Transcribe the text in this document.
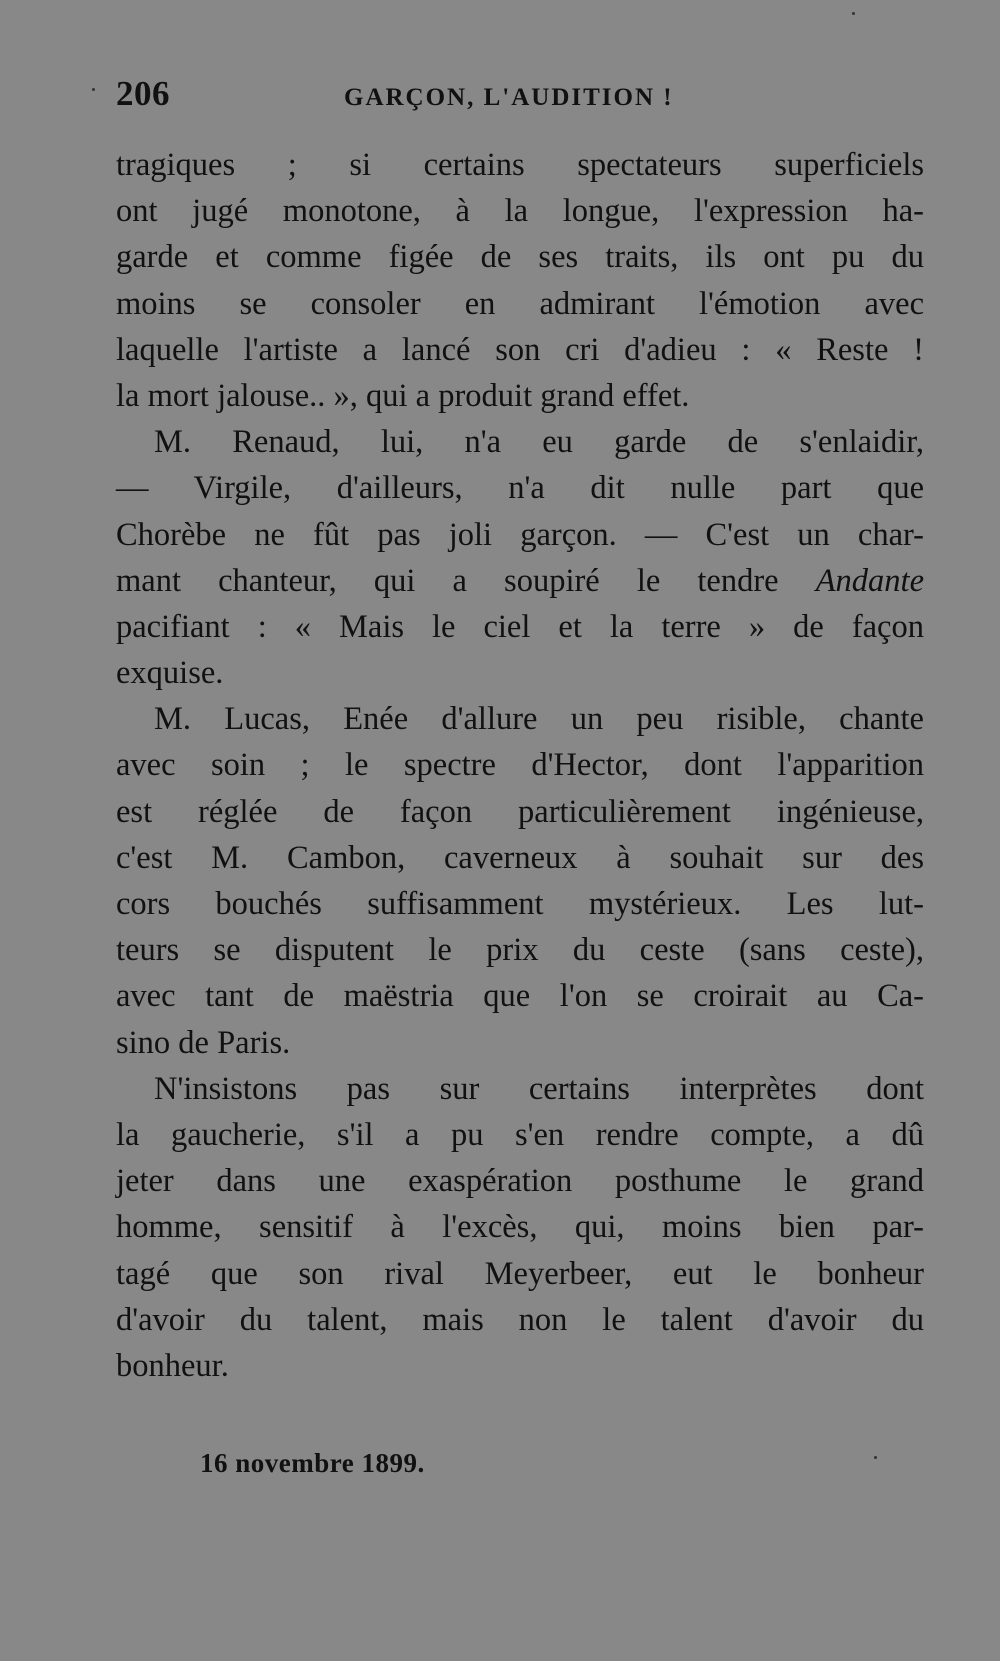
206	GARÇON, L'AUDITION !
tragiques ; si certains spectateurs superficiels
ont jugé monotone, à la longue, l'expression ha-
garde et comme figée de ses traits, ils ont pu du
moins se consoler en admirant l'émotion avec
laquelle l'artiste a lancé son cri d'adieu : « Reste !
la mort jalouse.. », qui a produit grand effet.
M. Renaud, lui, n'a eu garde de s'enlaidir,
— Virgile, d'ailleurs, n'a dit nulle part que
Chorèbe ne fût pas joli garçon. — C'est un char-
mant chanteur, qui a soupiré le tendre Andante
pacifiant : « Mais le ciel et la terre » de façon
exquise.
M. Lucas, Enée d'allure un peu risible, chante
avec soin ; le spectre d'Hector, dont l'apparition
est réglée de façon particulièrement ingénieuse,
c'est M. Cambon, caverneux à souhait sur des
cors bouchés suffisamment mystérieux. Les lut-
teurs se disputent le prix du ceste (sans ceste),
avec tant de maëstria que l'on se croirait au Ca-
sino de Paris.
N'insistons pas sur certains interprètes dont
la gaucherie, s'il a pu s'en rendre compte, a dû
jeter dans une exaspération posthume le grand
homme, sensitif à l'excès, qui, moins bien par-
tagé que son rival Meyerbeer, eut le bonheur
d'avoir du talent, mais non le talent d'avoir du
bonheur.
16 novembre 1899.
